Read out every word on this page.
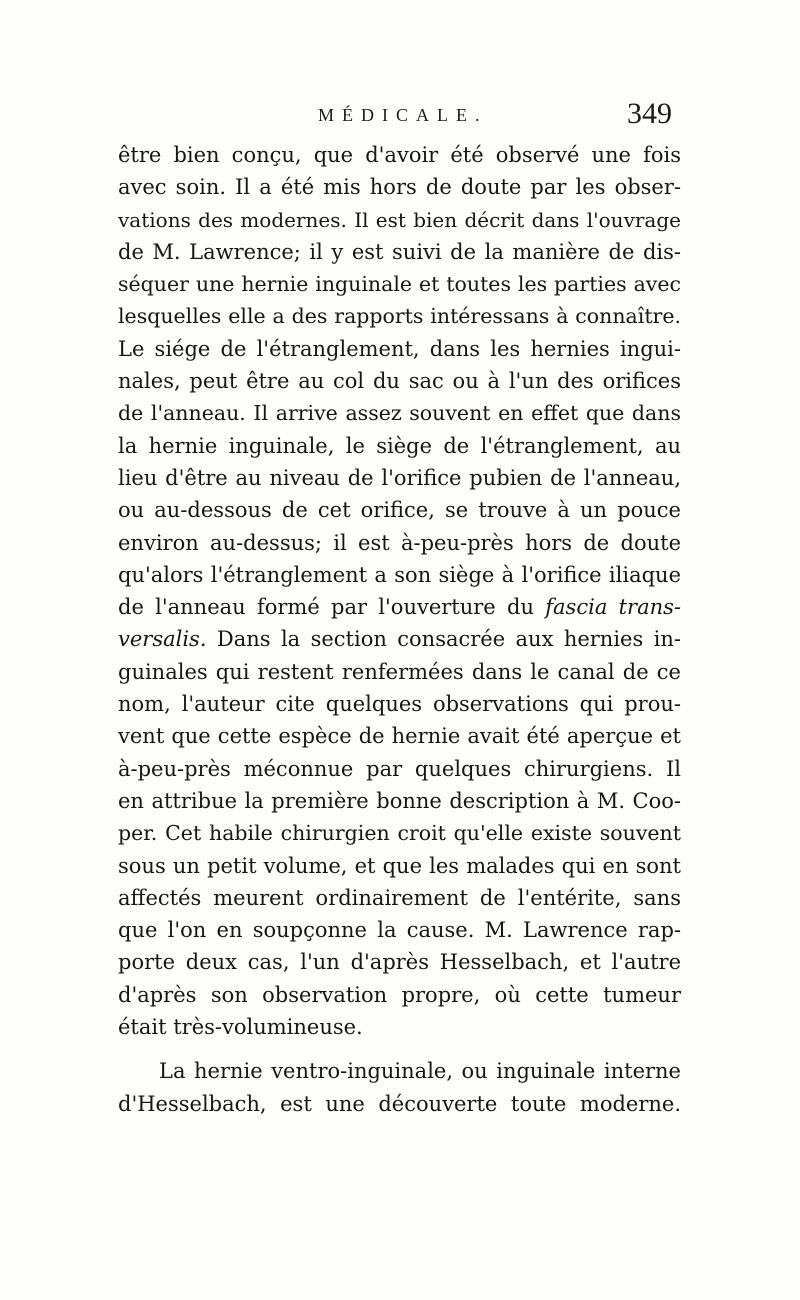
MÉDICALE.	349
être bien conçu, que d'avoir été observé une fois
avec soin. Il a été mis hors de doute par les obser-
vations des modernes. Il est bien décrit dans l'ouvrage
de M. Lawrence; il y est suivi de la manière de dis-
séquer une hernie inguinale et toutes les parties avec
lesquelles elle a des rapports intéressans à connaître.
Le siége de l'étranglement, dans les hernies ingui-
nales, peut être au col du sac ou à l'un des orifices
de l'anneau. Il arrive assez souvent en effet que dans
la hernie inguinale, le siège de l'étranglement, au
lieu d'être au niveau de l'orifice pubien de l'anneau,
ou au-dessous de cet orifice, se trouve à un pouce
environ au-dessus; il est à-peu-près hors de doute
qu'alors l'étranglement a son siège à l'orifice iliaque
de l'anneau formé par l'ouverture du fascia trans-
versalis. Dans la section consacrée aux hernies in-
guinales qui restent renfermées dans le canal de ce
nom, l'auteur cite quelques observations qui prou-
vent que cette espèce de hernie avait été aperçue et
à-peu-près méconnue par quelques chirurgiens. Il
en attribue la première bonne description à M. Coo-
per. Cet habile chirurgien croit qu'elle existe souvent
sous un petit volume, et que les malades qui en sont
affectés meurent ordinairement de l'entérite, sans
que l'on en soupçonne la cause. M. Lawrence rap-
porte deux cas, l'un d'après Hesselbach, et l'autre
d'après son observation propre, où cette tumeur
était très-volumineuse.
La hernie ventro-inguinale, ou inguinale interne
d'Hesselbach, est une découverte toute moderne.
